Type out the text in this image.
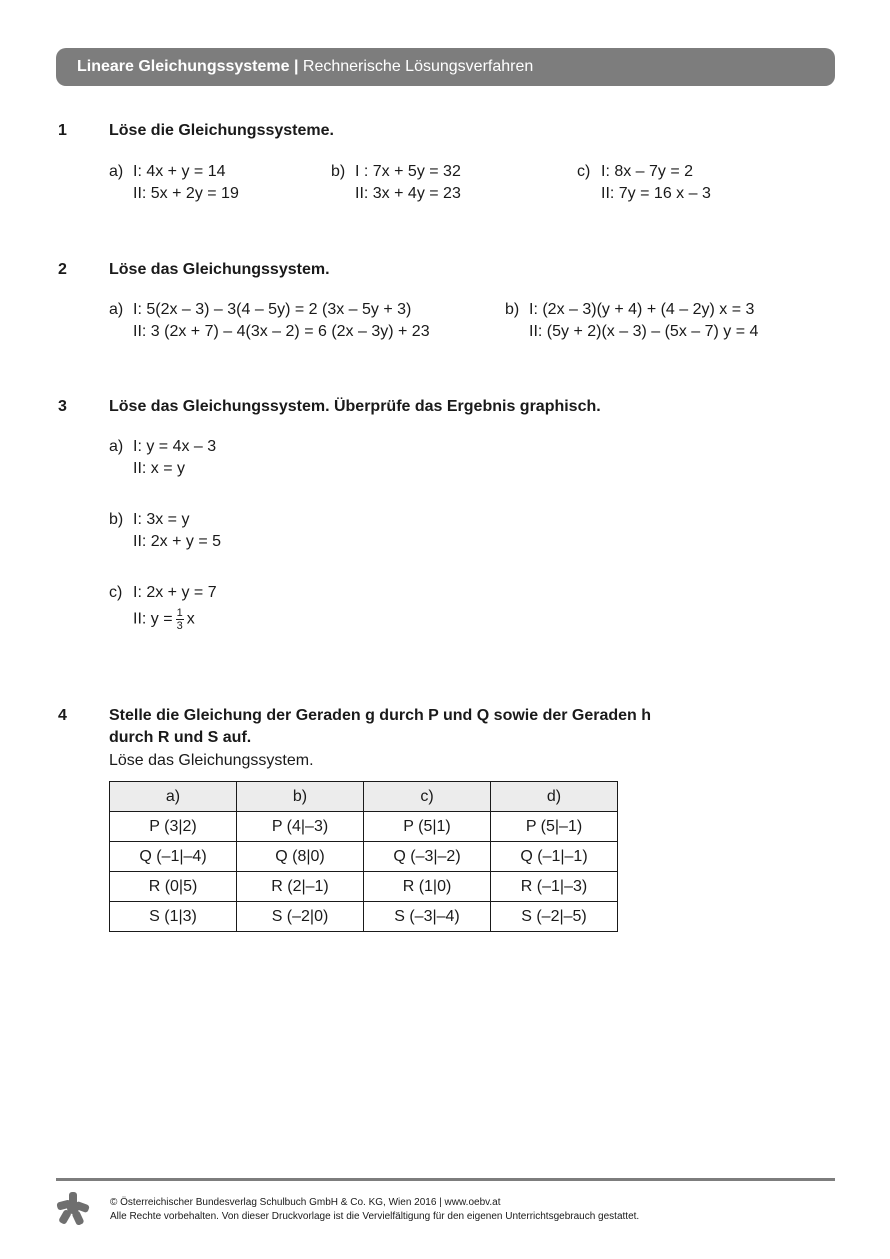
Lineare Gleichungssysteme | Rechnerische Lösungsverfahren
1	Löse die Gleichungssysteme.
a) I: 4x + y = 14
II: 5x + 2y = 19
b) I : 7x + 5y = 32
II: 3x + 4y = 23
c) I: 8x – 7y = 2
II: 7y = 16 x – 3
2	Löse das Gleichungssystem.
a) I: 5(2x – 3) – 3(4 – 5y) = 2 (3x – 5y + 3)
II: 3 (2x + 7) – 4(3x – 2) = 6 (2x – 3y) + 23
b) I: (2x – 3)(y + 4) + (4 – 2y) x = 3
II: (5y + 2)(x – 3) – (5x – 7) y = 4
3	Löse das Gleichungssystem. Überprüfe das Ergebnis graphisch.
a) I: y = 4x – 3
II: x = y
b) I: 3x = y
II: 2x + y = 5
c) I: 2x + y = 7
II: $y = \frac{1}{3}$ x
4	Stelle die Gleichung der Geraden g durch P und Q sowie der Geraden h
durch R und S auf.
Löse das Gleichungssystem.
a)	b)	c)	d)
P (3|2)	P (4|–3)	P (5|1)	P (5|–1)
Q (–1|–4)	Q (8|0)	Q (–3|–2)	Q (–1|–1)
R (0|5)	R (2|–1)	R (1|0)	R (–1|–3)
S (1|3)	S (–2|0)	S (–3|–4)	S (–2|–5)
© Österreichischer Bundesverlag Schulbuch GmbH & Co. KG, Wien 2016 | www.oebv.at
Alle Rechte vorbehalten. Von dieser Druckvorlage ist die Vervielfältigung für den eigenen Unterrichtsgebrauch gestattet.
